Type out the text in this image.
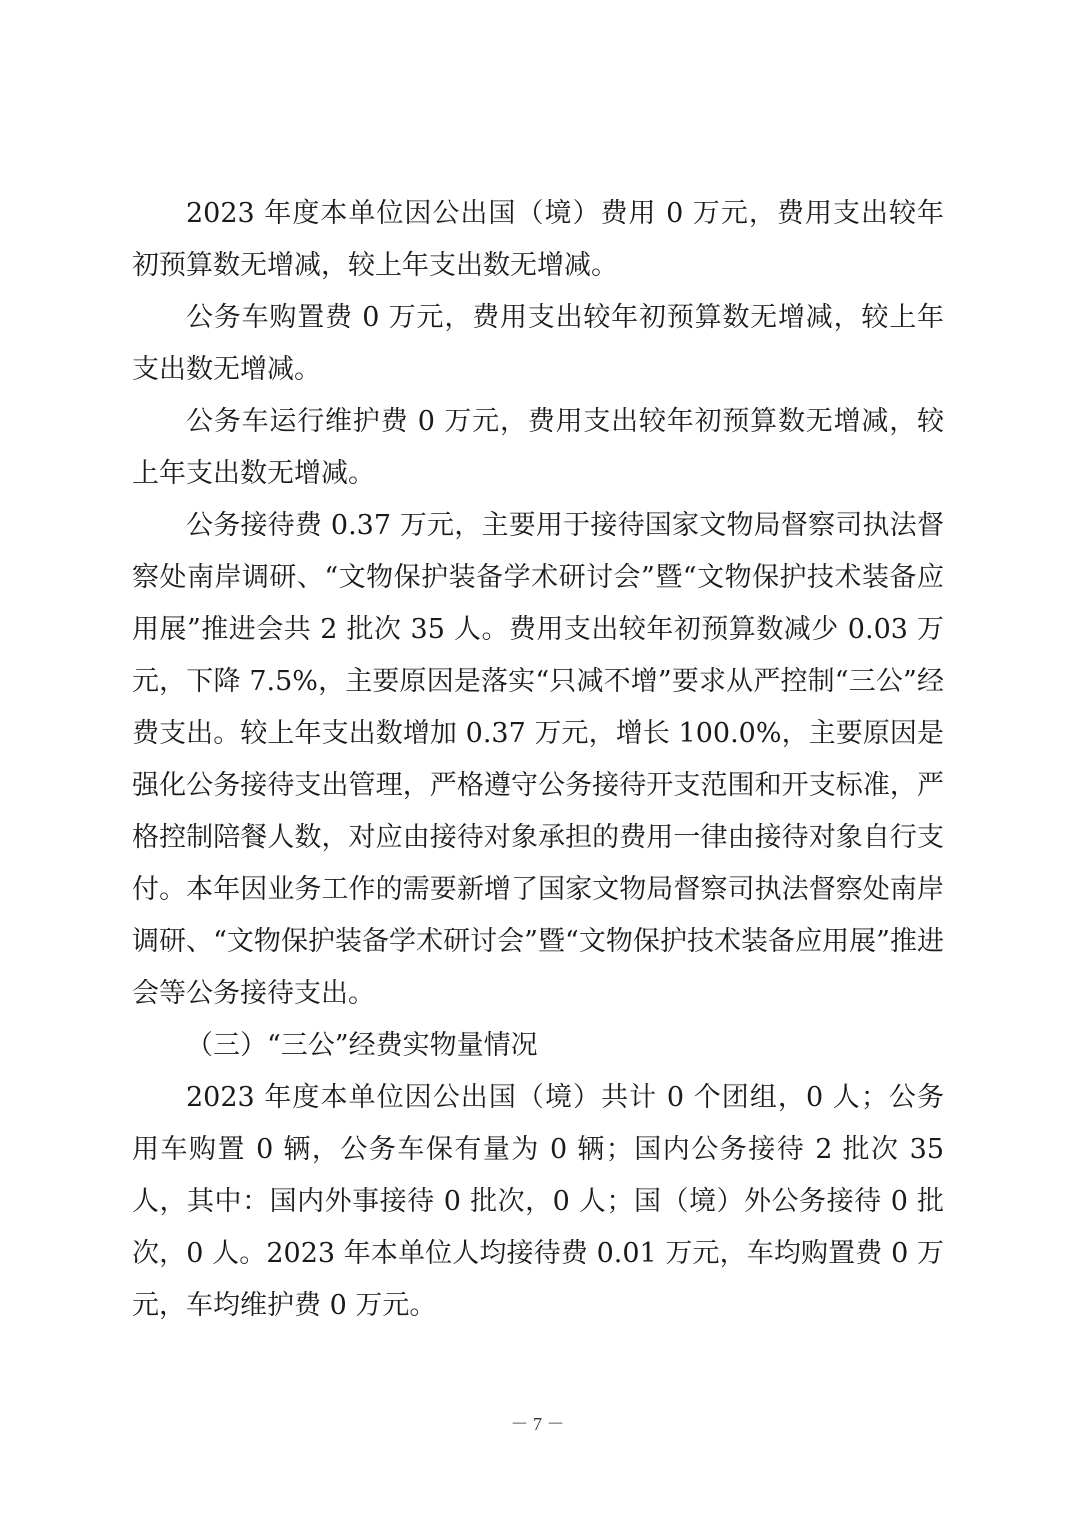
2023 年度本单位因公出国（境）费用 0 万元，费用支出较年初预算数无增减，较上年支出数无增减。

公务车购置费 0 万元，费用支出较年初预算数无增减，较上年支出数无增减。

公务车运行维护费 0 万元，费用支出较年初预算数无增减，较上年支出数无增减。

公务接待费 0.37 万元，主要用于接待国家文物局督察司执法督察处南岸调研、“文物保护装备学术研讨会”暨“文物保护技术装备应用展”推进会共 2 批次 35 人。费用支出较年初预算数减少 0.03 万元，下降 7.5%，主要原因是落实“只减不增”要求从严控制“三公”经费支出。较上年支出数增加 0.37 万元，增长 100.0%，主要原因是强化公务接待支出管理，严格遵守公务接待开支范围和开支标准，严格控制陪餐人数，对应由接待对象承担的费用一律由接待对象自行支付。本年因业务工作的需要新增了国家文物局督察司执法督察处南岸调研、“文物保护装备学术研讨会”暨“文物保护技术装备应用展”推进会等公务接待支出。

（三）“三公”经费实物量情况

2023 年度本单位因公出国（境）共计 0 个团组，0 人；公务用车购置 0 辆，公务车保有量为 0 辆；国内公务接待 2 批次 35 人，其中：国内外事接待 0 批次，0 人；国（境）外公务接待 0 批次，0 人。2023 年本单位人均接待费 0.01 万元，车均购置费 0 万元，车均维护费 0 万元。

－ 7 －
